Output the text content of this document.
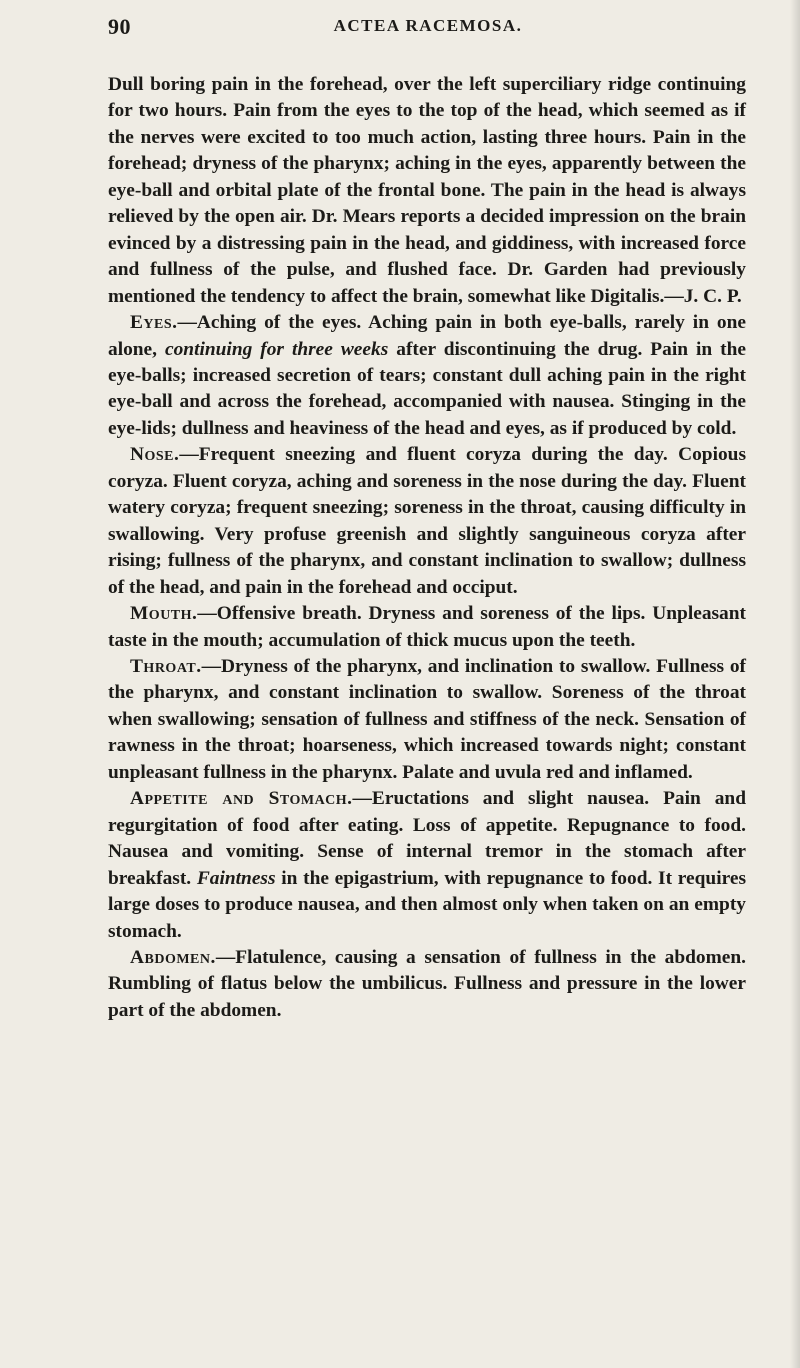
90	ACTEA RACEMOSA.

Dull boring pain in the forehead, over the left superciliary ridge continuing for two hours. Pain from the eyes to the top of the head, which seemed as if the nerves were excited to too much action, lasting three hours. Pain in the forehead; dryness of the pharynx; aching in the eyes, apparently between the eye-ball and orbital plate of the frontal bone. The pain in the head is always relieved by the open air. Dr. Mears reports a decided impression on the brain evinced by a distressing pain in the head, and giddiness, with increased force and fullness of the pulse, and flushed face. Dr. Garden had previously mentioned the tendency to affect the brain, somewhat like Digitalis.—J. C. P.

Eyes.—Aching of the eyes. Aching pain in both eye-balls, rarely in one alone, continuing for three weeks after discontinuing the drug. Pain in the eye-balls; increased secretion of tears; constant dull aching pain in the right eye-ball and across the forehead, accompanied with nausea. Stinging in the eye-lids; dullness and heaviness of the head and eyes, as if produced by cold.

Nose.—Frequent sneezing and fluent coryza during the day. Copious coryza. Fluent coryza, aching and soreness in the nose during the day. Fluent watery coryza; frequent sneezing; soreness in the throat, causing difficulty in swallowing. Very profuse greenish and slightly sanguineous coryza after rising; fullness of the pharynx, and constant inclination to swallow; dullness of the head, and pain in the forehead and occiput.

Mouth.—Offensive breath. Dryness and soreness of the lips. Unpleasant taste in the mouth; accumulation of thick mucus upon the teeth.

Throat.—Dryness of the pharynx, and inclination to swallow. Fullness of the pharynx, and constant inclination to swallow. Soreness of the throat when swallowing; sensation of fullness and stiffness of the neck. Sensation of rawness in the throat; hoarseness, which increased towards night; constant unpleasant fullness in the pharynx. Palate and uvula red and inflamed.

Appetite and Stomach.—Eructations and slight nausea. Pain and regurgitation of food after eating. Loss of appetite. Repugnance to food. Nausea and vomiting. Sense of internal tremor in the stomach after breakfast. Faintness in the epigastrium, with repugnance to food. It requires large doses to produce nausea, and then almost only when taken on an empty stomach.

Abdomen.—Flatulence, causing a sensation of fullness in the abdomen. Rumbling of flatus below the umbilicus. Fullness and pressure in the lower part of the abdomen.
